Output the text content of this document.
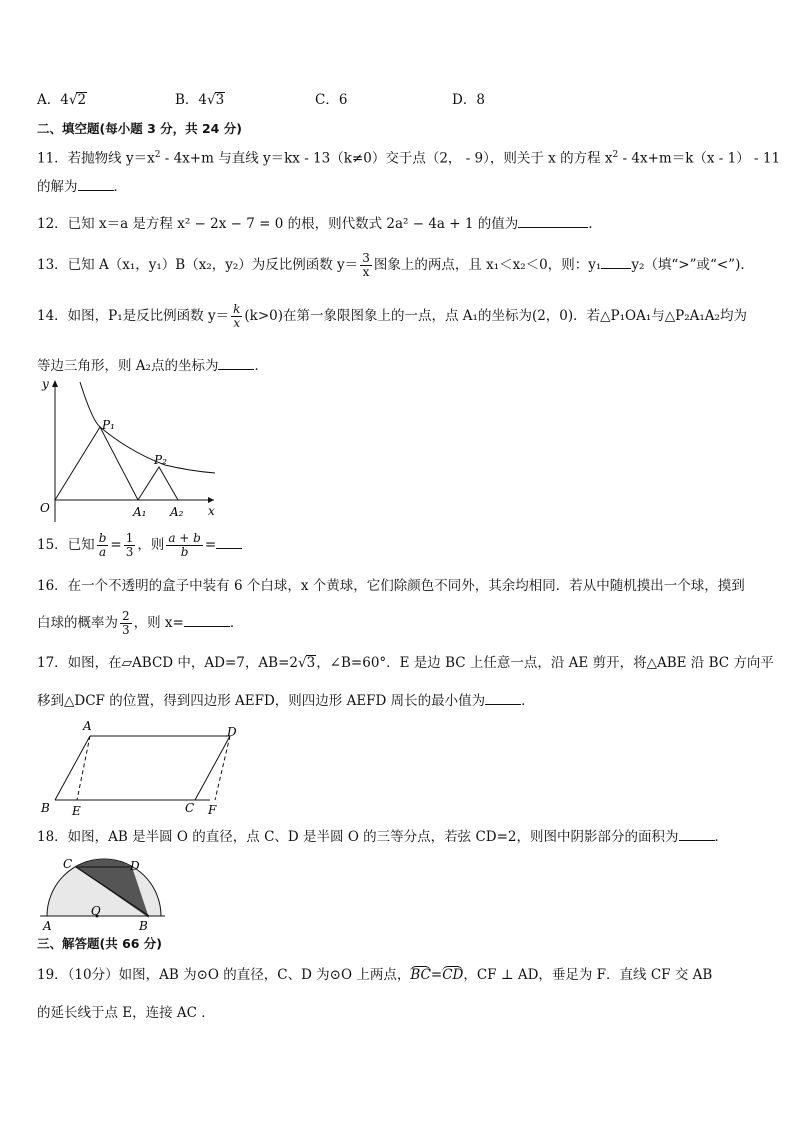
A．4√2	B．4√3	C．6	D．8
二、填空题(每小题 3 分，共 24 分)
11．若抛物线 $y=x^2 - 4x+m$ 与直线 y＝kx - 13（k≠0）交于点（2， - 9），则关于 x 的方程 $x^2 - 4x+m=k(x - 1) - 11$
的解为	．
12．已知 x＝a 是方程 x² − 2x − 7 = 0 的根，则代数式 2a² − 4a + 1 的值为	.
13．已知 A（x₁，y₁）B（x₂，y₂）为反比例函数 $y= \frac{3}{x}$ 图象上的两点，且 x₁＜x₂＜0，则：y₁ y₂（填“>”或“<”).
14．如图，P₁是反比例函数 $y= \frac{k}{x} (k>0)$在第一象限图象上的一点，点 A₁的坐标为(2，0)．若△P₁OA₁与△P₂A₁A₂均为
等边三角形，则 A₂点的坐标为	．
y
x
O
P₁
P₂
A₁ A₂
15．已知 $\frac{b}{a} = \frac{1}{3}$ ，则 $\frac{a + b}{b}$ =
16．在一个不透明的盒子中装有 6 个白球，x 个黄球，它们除颜色不同外，其余均相同．若从中随机摸出一个球，摸到
白球的概率为 $\frac{2}{3}$ ，则 x=	．
17．如图，在▱ABCD 中，AD=7，AB=2√3，∠B=60°．E 是边 BC 上任意一点，沿 AE 剪开，将△ABE 沿 BC 方向平
移到△DCF 的位置，得到四边形 AEFD，则四边形 AEFD 周长的最小值为	．
A	D
B E	C F
18．如图，AB 是半圆 O 的直径，点 C、D 是半圆 O 的三等分点，若弦 CD=2，则图中阴影部分的面积为	．
C	D
A
O
B
三、解答题(共 66 分)
19．（10分）如图，AB 为⊙O 的直径，C、D 为⊙O 上两点，BC=CD，CF ⊥ AD，垂足为 F．直线 CF 交 AB
的延长线于点 E，连接 AC ．
